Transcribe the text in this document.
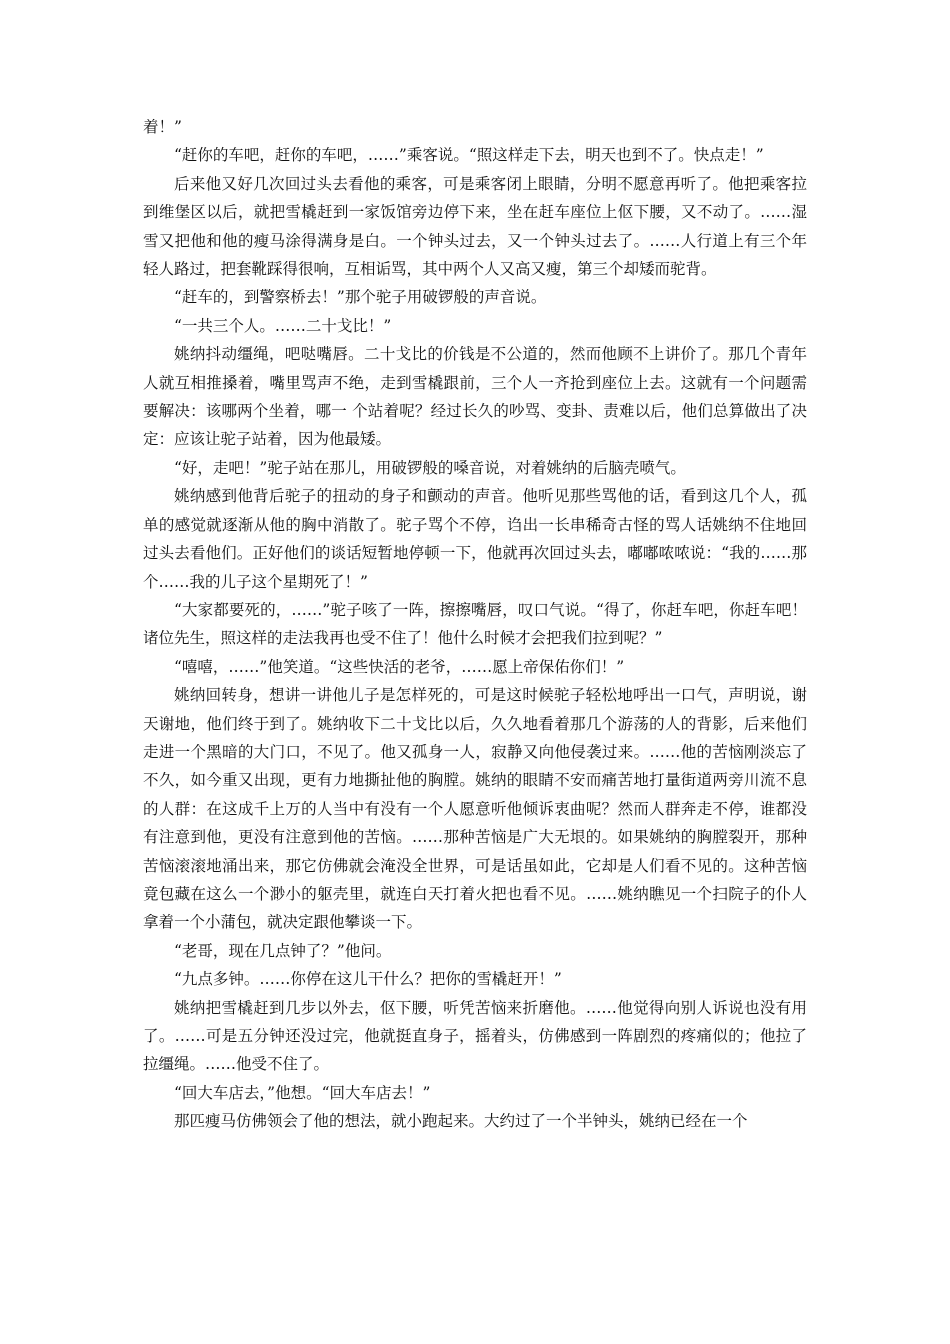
着！”

“赶你的车吧，赶你的车吧，……”乘客说。“照这样走下去，明天也到不了。快点走！”

后来他又好几次回过头去看他的乘客，可是乘客闭上眼睛，分明不愿意再听了。他把乘客拉到维堡区以后，就把雪橇赶到一家饭馆旁边停下来，坐在赶车座位上伛下腰，又不动了。……湿雪又把他和他的瘦马涂得满身是白。一个钟头过去，又一个钟头过去了。……人行道上有三个年轻人路过，把套靴踩得很响，互相诟骂，其中两个人又高又瘦，第三个却矮而驼背。

“赶车的，到警察桥去！”那个驼子用破锣般的声音说。

“一共三个人。……二十戈比！”

姚纳抖动缰绳，吧哒嘴唇。二十戈比的价钱是不公道的，然而他顾不上讲价了。那几个青年人就互相推搡着，嘴里骂声不绝，走到雪橇跟前，三个人一齐抢到座位上去。这就有一个问题需要解决：该哪两个坐着，哪一 个站着呢？经过长久的吵骂、变卦、责难以后，他们总算做出了决定：应该让驼子站着，因为他最矮。

“好，走吧！”驼子站在那儿，用破锣般的嗓音说，对着姚纳的后脑壳喷气。

姚纳感到他背后驼子的扭动的身子和颤动的声音。他听见那些骂他的话，看到这几个人，孤单的感觉就逐渐从他的胸中消散了。驼子骂个不停，诌出一长串稀奇古怪的骂人话姚纳不住地回过头去看他们。正好他们的谈话短暂地停顿一下，他就再次回过头去，嘟嘟哝哝说：“我的……那个……我的儿子这个星期死了！”

“大家都要死的，……”驼子咳了一阵，擦擦嘴唇，叹口气说。“得了，你赶车吧，你赶车吧！诸位先生，照这样的走法我再也受不住了！他什么时候才会把我们拉到呢？”

“嘻嘻，……”他笑道。“这些快活的老爷，……愿上帝保佑你们！”

姚纳回转身，想讲一讲他儿子是怎样死的，可是这时候驼子轻松地呼出一口气，声明说，谢天谢地，他们终于到了。姚纳收下二十戈比以后，久久地看着那几个游荡的人的背影，后来他们走进一个黑暗的大门口，不见了。他又孤身一人，寂静又向他侵袭过来。……他的苦恼刚淡忘了不久，如今重又出现，更有力地撕扯他的胸膛。姚纳的眼睛不安而痛苦地打量街道两旁川流不息的人群：在这成千上万的人当中有没有一个人愿意听他倾诉衷曲呢？然而人群奔走不停，谁都没有注意到他，更没有注意到他的苦恼。……那种苦恼是广大无垠的。如果姚纳的胸膛裂开，那种苦恼滚滚地涌出来，那它仿佛就会淹没全世界，可是话虽如此，它却是人们看不见的。这种苦恼竟包藏在这么一个渺小的躯壳里，就连白天打着火把也看不见。……姚纳瞧见一个扫院子的仆人拿着一个小蒲包，就决定跟他攀谈一下。

“老哥，现在几点钟了？”他问。

“九点多钟。……你停在这儿干什么？把你的雪橇赶开！”

姚纳把雪橇赶到几步以外去，伛下腰，听凭苦恼来折磨他。……他觉得向别人诉说也没有用了。……可是五分钟还没过完，他就挺直身子，摇着头，仿佛感到一阵剧烈的疼痛似的；他拉了拉缰绳。……他受不住了。

“回大车店去，”他想。“回大车店去！”

那匹瘦马仿佛领会了他的想法，就小跑起来。大约过了一个半钟头，姚纳已经在一个
